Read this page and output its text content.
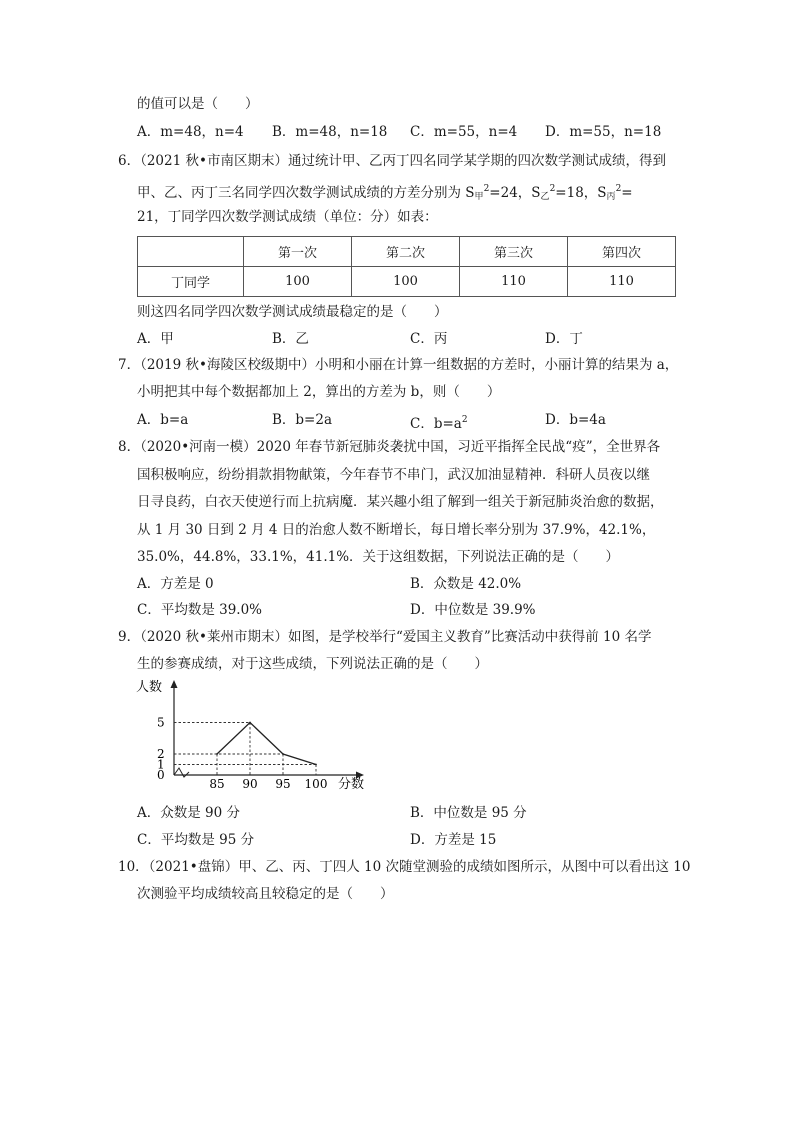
的值可以是（　　）
A．m=48，n=4 B．m=48，n=18 C．m=55，n=4 D．m=55，n=18
6．（2021 秋•市南区期末）通过统计甲、乙丙丁四名同学某学期的四次数学测试成绩，得到
甲、乙、丙丁三名同学四次数学测试成绩的方差分别为 $S_甲^2=24$，$S_乙^2=18$，$S_丙^2=$
21，丁同学四次数学测试成绩（单位：分）如表：
	第一次	第二次	第三次	第四次
丁同学	100	100	110	110
则这四名同学四次数学测试成绩最稳定的是（　　）
A．甲	B．乙	C．丙	D．丁
7．（2019 秋•海陵区校级期中）小明和小丽在计算一组数据的方差时，小丽计算的结果为 a，
小明把其中每个数据都加上 2，算出的方差为 b，则（　　）
A．b=a	B．b=2a	C．$b=a^2$	D．b=4a
8．（2020•河南一模）2020 年春节新冠肺炎袭扰中国，习近平指挥全民战“疫”，全世界各
国积极响应，纷纷捐款捐物献策，今年春节不串门，武汉加油显精神．科研人员夜以继
日寻良药，白衣天使逆行而上抗病魔．某兴趣小组了解到一组关于新冠肺炎治愈的数据，
从 1 月 30 日到 2 月 4 日的治愈人数不断增长，每日增长率分别为 37.9%，42.1%，
35.0%，44.8%，33.1%，41.1%．关于这组数据，下列说法正确的是（　　）
A．方差是 0	B．众数是 42.0%
C．平均数是 39.0%	D．中位数是 39.9%
9．（2020 秋•莱州市期末）如图，是学校举行“爱国主义教育”比赛活动中获得前 10 名学
生的参赛成绩，对于这些成绩，下列说法正确的是（　　）
人数
分数
0
1
2
5
85 90 95 100
A．众数是 90 分	B．中位数是 95 分
C．平均数是 95 分	D．方差是 15
10．（2021•盘锦）甲、乙、丙、丁四人 10 次随堂测验的成绩如图所示，从图中可以看出这 10
次测验平均成绩较高且较稳定的是（　　）
